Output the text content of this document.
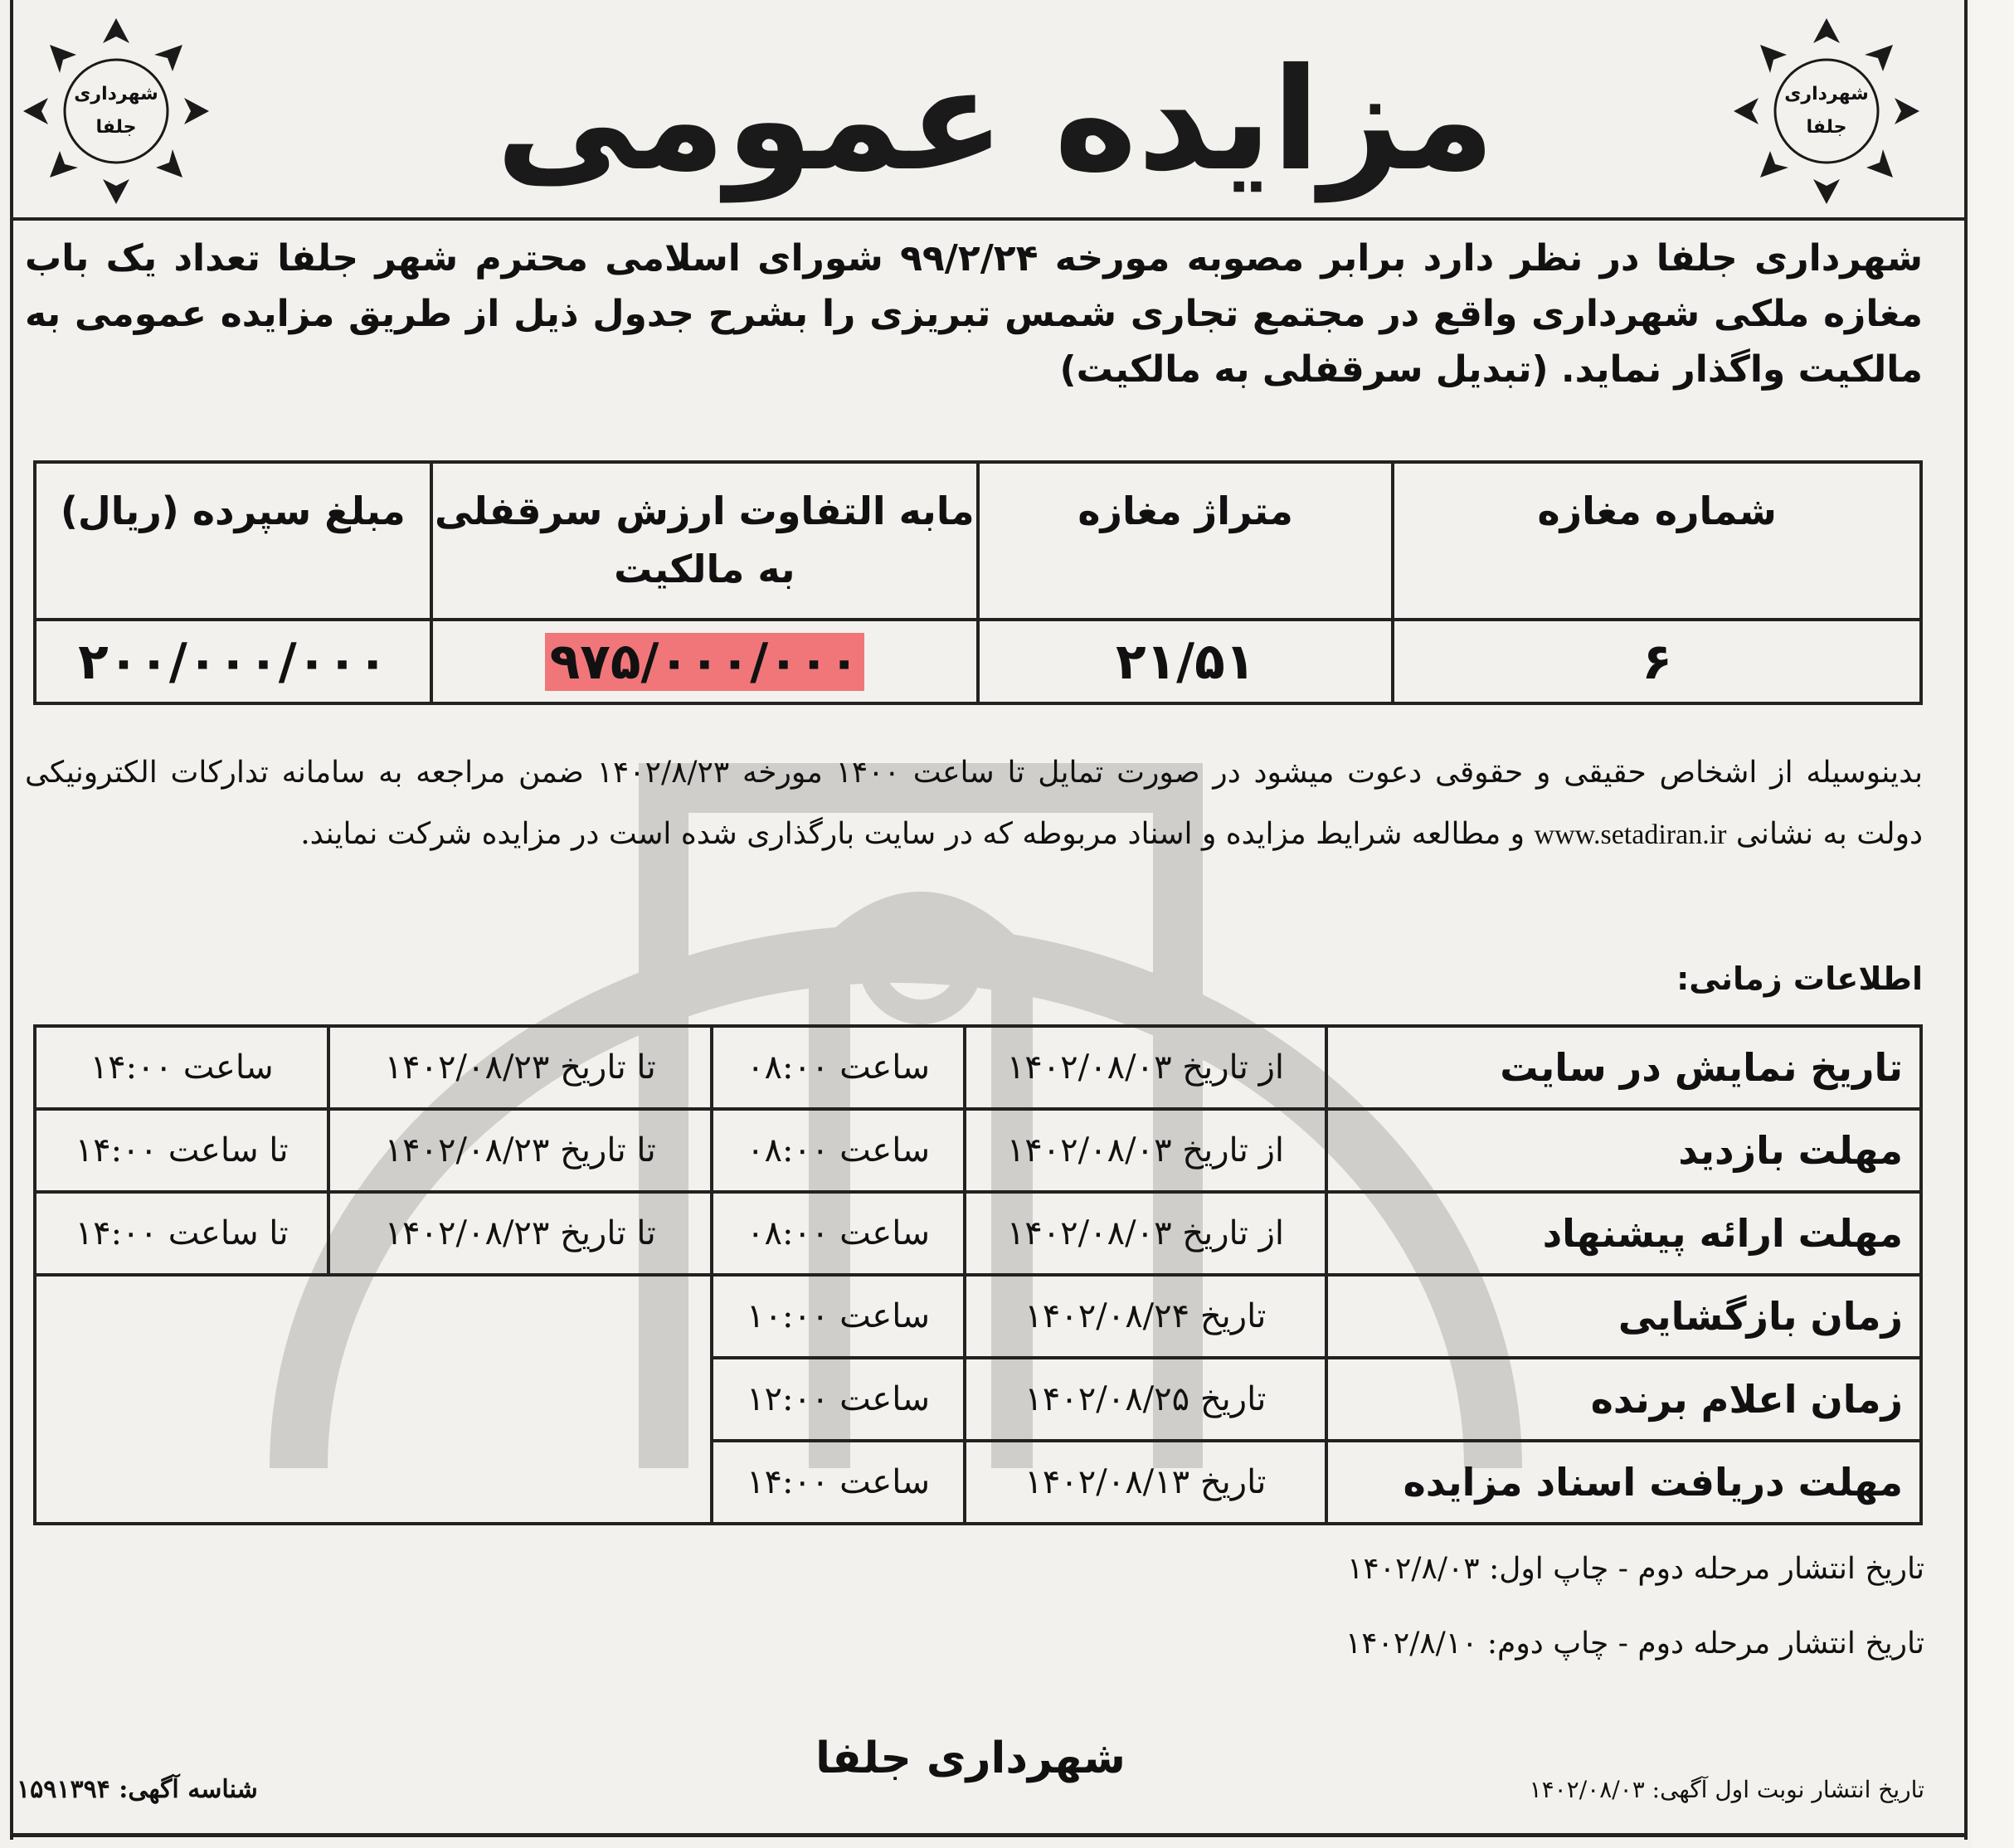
شهرداری
جلفا
شهرداری
جلفا
مزایده عمومی
شهرداری جلفا در نظر دارد برابر مصوبه مورخه ۹۹/۲/۲۴ شورای اسلامی محترم شهر جلفا تعداد یک باب مغازه ملکی شهرداری واقع در مجتمع تجاری شمس تبریزی را بشرح جدول ذیل از طریق مزایده عمومی به مالکیت واگذار نماید. (تبدیل سرقفلی به مالکیت)
شماره مغازه	متراژ مغازه	مابه التفاوت ارزش سرقفلی به مالکیت	مبلغ سپرده (ریال)
۶	۲۱/۵۱	۹۷۵/۰۰۰/۰۰۰	۲۰۰/۰۰۰/۰۰۰
بدینوسیله از اشخاص حقیقی و حقوقی دعوت میشود در صورت تمایل تا ساعت ۱۴۰۰ مورخه ۱۴۰۲/۸/۲۳ ضمن مراجعه به سامانه تدارکات الکترونیکی دولت به نشانی www.setadiran.ir و مطالعه شرایط مزایده و اسناد مربوطه که در سایت بارگذاری شده است در مزایده شرکت نمایند.
اطلاعات زمانی:
تاریخ نمایش در سایت	از تاریخ ۱۴۰۲/۰۸/۰۳	ساعت ۰۸:۰۰	تا تاریخ ۱۴۰۲/۰۸/۲۳	ساعت ۱۴:۰۰
مهلت بازدید	از تاریخ ۱۴۰۲/۰۸/۰۳	ساعت ۰۸:۰۰	تا تاریخ ۱۴۰۲/۰۸/۲۳	تا ساعت ۱۴:۰۰
مهلت ارائه پیشنهاد	از تاریخ ۱۴۰۲/۰۸/۰۳	ساعت ۰۸:۰۰	تا تاریخ ۱۴۰۲/۰۸/۲۳	تا ساعت ۱۴:۰۰
زمان بازگشایی	تاریخ ۱۴۰۲/۰۸/۲۴	ساعت ۱۰:۰۰		
زمان اعلام برنده	تاریخ ۱۴۰۲/۰۸/۲۵	ساعت ۱۲:۰۰		
مهلت دریافت اسناد مزایده	تاریخ ۱۴۰۲/۰۸/۱۳	ساعت ۱۴:۰۰		
تاریخ انتشار مرحله دوم - چاپ اول: ۱۴۰۲/۸/۰۳
تاریخ انتشار مرحله دوم - چاپ دوم: ۱۴۰۲/۸/۱۰
شهرداری جلفا
شناسه آگهی: ۱۵۹۱۳۹۴	تاریخ انتشار نوبت اول آگهی: ۱۴۰۲/۰۸/۰۳
